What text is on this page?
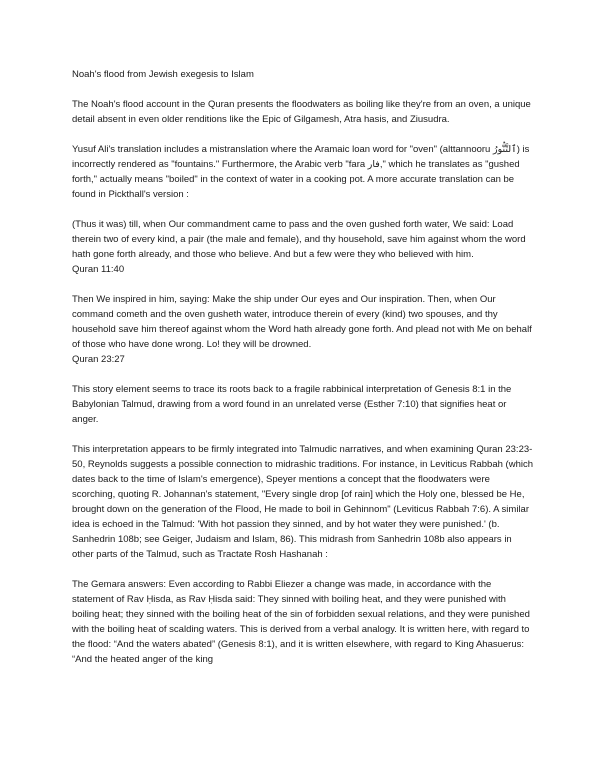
Noah's flood from Jewish exegesis to Islam

The Noah's flood account in the Quran presents the floodwaters as boiling like they're from an oven, a unique detail absent in even older renditions like the Epic of Gilgamesh, Atra hasis, and Ziusudra.

Yusuf Ali's translation includes a mistranslation where the Aramaic loan word for "oven" (alttannooru ٱلتَّنُّورُ) is incorrectly rendered as "fountains." Furthermore, the Arabic verb "fara فار," which he translates as "gushed forth," actually means "boiled" in the context of water in a cooking pot. A more accurate translation can be found in Pickthall's version :

(Thus it was) till, when Our commandment came to pass and the oven gushed forth water, We said: Load therein two of every kind, a pair (the male and female), and thy household, save him against whom the word hath gone forth already, and those who believe. And but a few were they who believed with him.

Quran 11:40

Then We inspired in him, saying: Make the ship under Our eyes and Our inspiration. Then, when Our command cometh and the oven gusheth water, introduce therein of every (kind) two spouses, and thy household save him thereof against whom the Word hath already gone forth. And plead not with Me on behalf of those who have done wrong. Lo! they will be drowned.

Quran 23:27

This story element seems to trace its roots back to a fragile rabbinical interpretation of Genesis 8:1 in the Babylonian Talmud, drawing from a word found in an unrelated verse (Esther 7:10) that signifies heat or anger.

This interpretation appears to be firmly integrated into Talmudic narratives, and when examining Quran 23:23-50, Reynolds suggests a possible connection to midrashic traditions. For instance, in Leviticus Rabbah (which dates back to the time of Islam's emergence), Speyer mentions a concept that the floodwaters were scorching, quoting R. Johannan's statement, "Every single drop [of rain] which the Holy one, blessed be He, brought down on the generation of the Flood, He made to boil in Gehinnom" (Leviticus Rabbah 7:6). A similar idea is echoed in the Talmud: 'With hot passion they sinned, and by hot water they were punished.' (b. Sanhedrin 108b; see Geiger, Judaism and Islam, 86). This midrash from Sanhedrin 108b also appears in other parts of the Talmud, such as Tractate Rosh Hashanah :

The Gemara answers: Even according to Rabbi Eliezer a change was made, in accordance with the statement of Rav Ḥisda, as Rav Ḥisda said: They sinned with boiling heat, and they were punished with boiling heat; they sinned with the boiling heat of the sin of forbidden sexual relations, and they were punished with the boiling heat of scalding waters. This is derived from a verbal analogy. It is written here, with regard to the flood: “And the waters abated” (Genesis 8:1), and it is written elsewhere, with regard to King Ahasuerus: “And the heated anger of the king
